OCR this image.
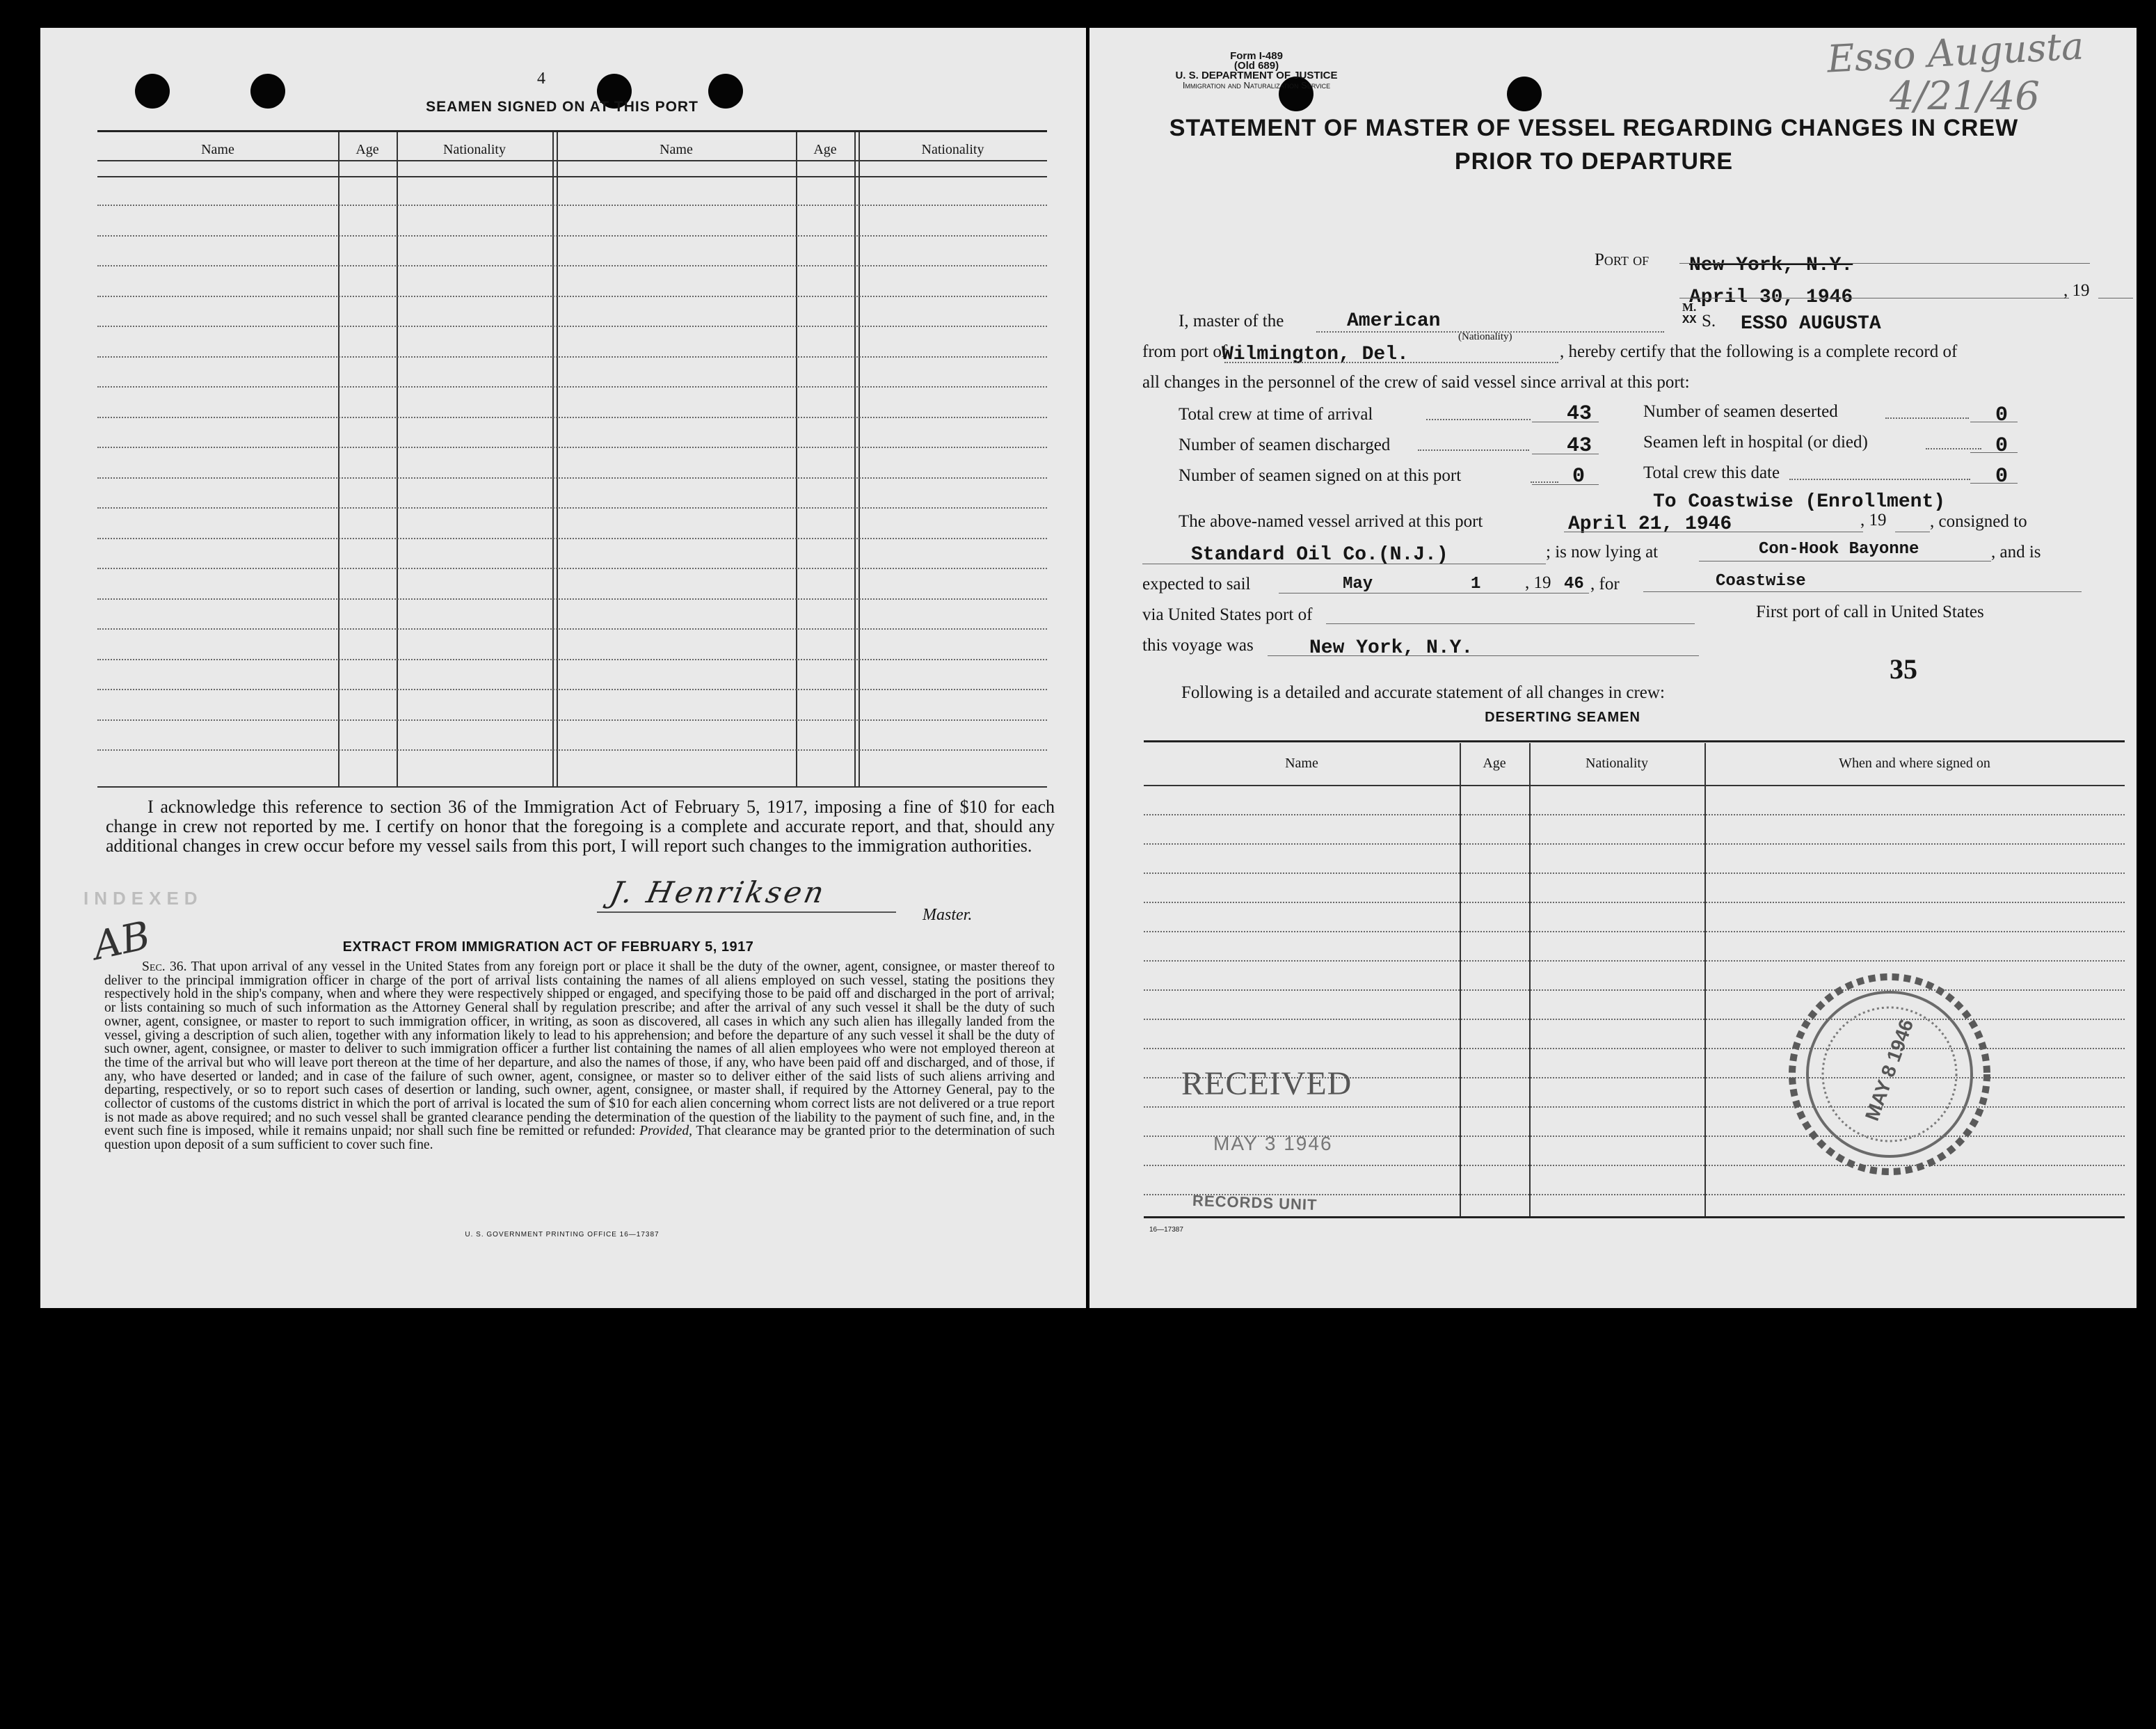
4
SEAMEN SIGNED ON AT THIS PORT
Name	Age	Nationality	Name	Age	Nationality
I acknowledge this reference to section 36 of the Immigration Act of February 5, 1917, imposing a fine of $10 for each change in crew not reported by me. I certify on honor that the foregoing is a complete and accurate report, and that, should any additional changes in crew occur before my vessel sails from this port, I will report such changes to the immigration authorities.
J. Henriksen
Master.
INDEXED
AB	EXTRACT FROM IMMIGRATION ACT OF FEBRUARY 5, 1917
Sec. 36. That upon arrival of any vessel in the United States from any foreign port or place it shall be the duty of the owner, agent, consignee, or master thereof to deliver to the principal immigration officer in charge of the port of arrival lists containing the names of all aliens employed on such vessel, stating the positions they respectively hold in the ship's company, when and where they were respectively shipped or engaged, and specifying those to be paid off and discharged in the port of arrival; or lists containing so much of such information as the Attorney General shall by regulation prescribe; and after the arrival of any such vessel it shall be the duty of such owner, agent, consignee, or master to report to such immigration officer, in writing, as soon as discovered, all cases in which any such alien has illegally landed from the vessel, giving a description of such alien, together with any information likely to lead to his apprehension; and before the departure of any such vessel it shall be the duty of such owner, agent, consignee, or master to deliver to such immigration officer a further list containing the names of all alien employees who were not employed thereon at the time of the arrival but who will leave port thereon at the time of her departure, and also the names of those, if any, who have been paid off and discharged, and of those, if any, who have deserted or landed; and in case of the failure of such owner, agent, consignee, or master so to deliver either of the said lists of such aliens arriving and departing, respectively, or so to report such cases of desertion or landing, such owner, agent, consignee, or master shall, if required by the Attorney General, pay to the collector of customs of the customs district in which the port of arrival is located the sum of $10 for each alien concerning whom correct lists are not delivered or a true report is not made as above required; and no such vessel shall be granted clearance pending the determination of the question of the liability to the payment of such fine, and, in the event such fine is imposed, while it remains unpaid; nor shall such fine be remitted or refunded: Provided, That clearance may be granted prior to the determination of such question upon deposit of a sum sufficient to cover such fine.
U. S. GOVERNMENT PRINTING OFFICE 16—17387
Form I-489
(Old 689)
U. S. DEPARTMENT OF JUSTICE
Immigration and Naturalization Service
Esso Augusta
4/21/46
STATEMENT OF MASTER OF VESSEL REGARDING CHANGES IN CREW
PRIOR TO DEPARTURE
Port of New York, N.Y.
April 30, 1946	, 19
I, master of the	American
(Nationality)
M.
XX S. ESSO AUGUSTA
from port of
Wilmington, Del.	, hereby certify that the following is a complete record of
all changes in the personnel of the crew of said vessel since arrival at this port:
Total crew at time of arrival	43
Number of seamen discharged	43
Number of seamen signed on at this port	0
Number of seamen deserted	0
Seamen left in hospital (or died)	0
Total crew this date	0
To Coastwise (Enrollment)
The above-named vessel arrived at this port	April 21, 1946	, 19	, consigned to
Standard Oil Co.(N.J.)	; is now lying at	Con-Hook Bayonne	, and is
expected to sail	May	1	, 19 46 , for	Coastwise
via United States port of	First port of call in United States
this voyage was	New York, N.Y.
35
Following is a detailed and accurate statement of all changes in crew:
DESERTING SEAMEN
Name	Age	Nationality	When and where signed on
RECEIVED
MAY 3 1946
RECORDS UNIT
MAY 8 1946
16—17387
